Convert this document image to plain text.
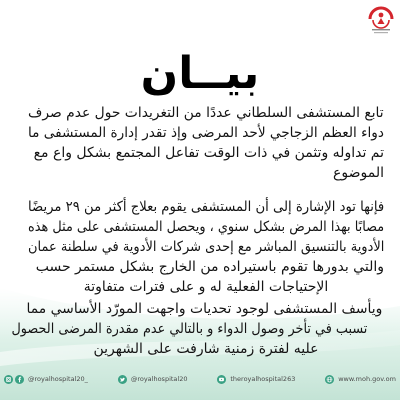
بيــان
تابع المستشفى السلطاني عددًا من التغريدات حول عدم صرف
دواء العظم الزجاجي لأحد المرضى وإذ تقدر إدارة المستشفى ما
تم تداوله وتثمن في ذات الوقت تفاعل المجتمع بشكل واع مع
الموضوع
فإنها تود الإشارة إلى أن المستشفى يقوم بعلاج أكثر من ٢٩ مريضًا
مصابًا بهذا المرض بشكل سنوي ، ويحصل المستشفى على مثل هذه
الأدوية بالتنسيق المباشر مع إحدى شركات الأدوية في سلطنة عمان
والتي بدورها تقوم باستيراده من الخارج بشكل مستمر حسب
الإحتياجات الفعلية له و على فترات متفاوتة
ويأسف المستشفى لوجود تحديات واجهت المورّد الأساسي مما
تسبب في تأخر وصول الدواء و بالتالي عدم مقدرة المرضى الحصول
عليه لفترة زمنية شارفت على الشهرين
@royalhospital20_	@royalhospital20	theroyalhospital263	www.moh.gov.om
